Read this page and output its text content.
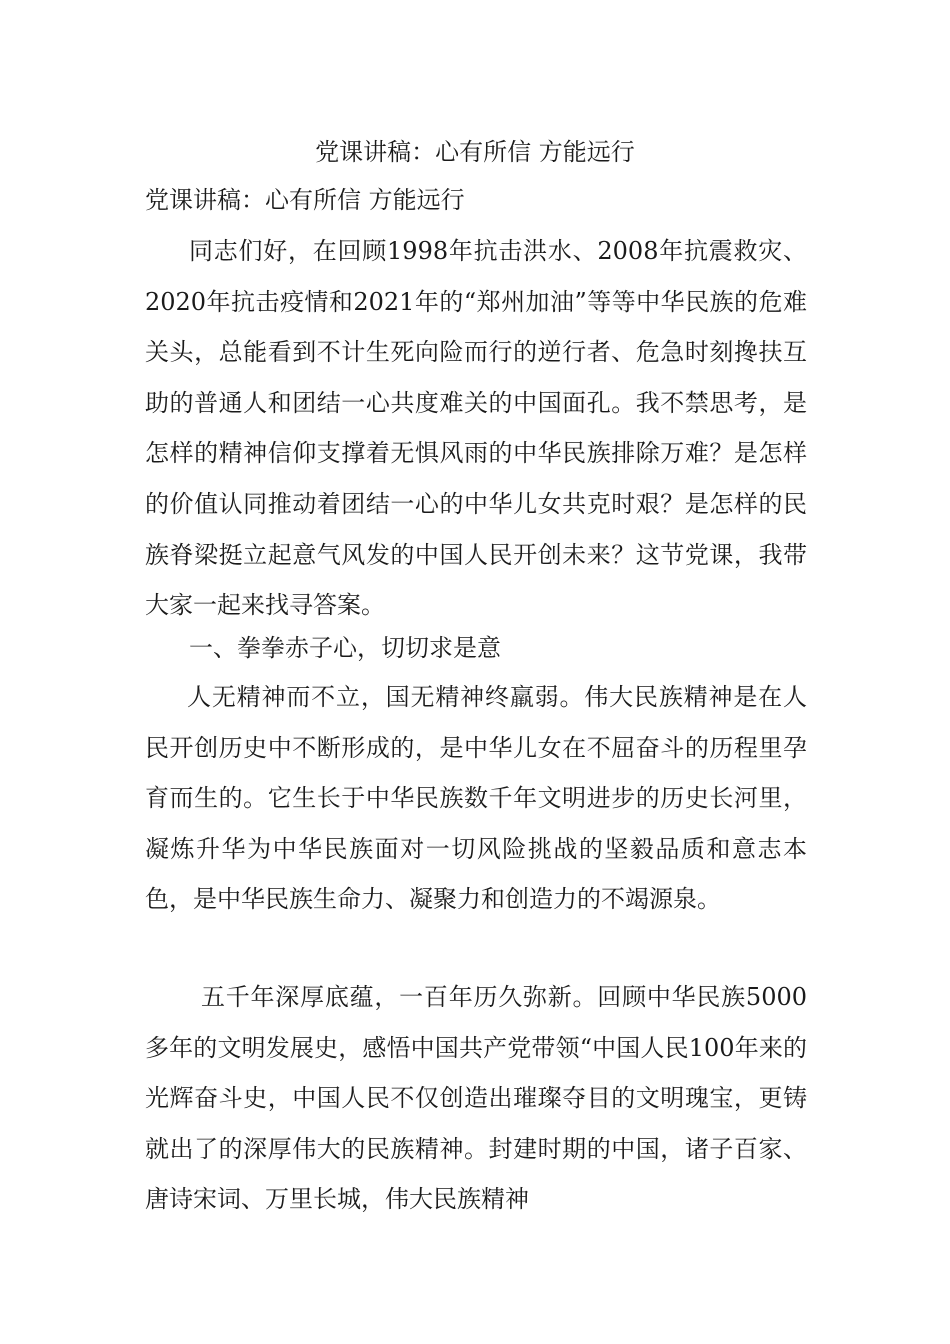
党课讲稿：心有所信 方能远行

党课讲稿：心有所信 方能远行

同志们好，在回顾1998年抗击洪水、2008年抗震救灾、2020年抗击疫情和2021年的“郑州加油”等等中华民族的危难关头，总能看到不计生死向险而行的逆行者、危急时刻搀扶互助的普通人和团结一心共度难关的中国面孔。我不禁思考，是怎样的精神信仰支撑着无惧风雨的中华民族排除万难？是怎样的价值认同推动着团结一心的中华儿女共克时艰？是怎样的民族脊梁挺立起意气风发的中国人民开创未来？这节党课，我带大家一起来找寻答案。

一、拳拳赤子心，切切求是意

人无精神而不立，国无精神终羸弱。伟大民族精神是在人民开创历史中不断形成的，是中华儿女在不屈奋斗的历程里孕育而生的。它生长于中华民族数千年文明进步的历史长河里，凝炼升华为中华民族面对一切风险挑战的坚毅品质和意志本色，是中华民族生命力、凝聚力和创造力的不竭源泉。

五千年深厚底蕴，一百年历久弥新。回顾中华民族5000多年的文明发展史，感悟中国共产党带领“中国人民100年来的光辉奋斗史，中国人民不仅创造出璀璨夺目的文明瑰宝，更铸就出了的深厚伟大的民族精神。封建时期的中国，诸子百家、唐诗宋词、万里长城，伟大民族精神
